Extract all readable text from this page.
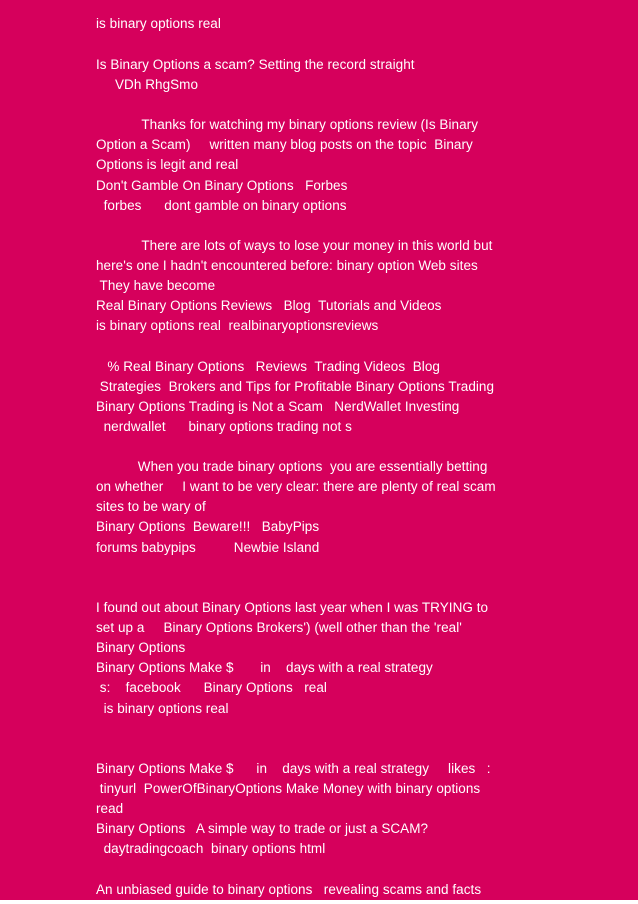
is binary options real
Is Binary Options a scam? Setting the record straight
VDh RhgSmo
Thanks for watching my binary options review (Is Binary
Option a Scam)     written many blog posts on the topic  Binary
Options is legit and real
Don't Gamble On Binary Options   Forbes
forbes      dont gamble on binary options
There are lots of ways to lose your money in this world but
here's one I hadn't encountered before: binary option Web sites
They have become
Real Binary Options Reviews   Blog  Tutorials and Videos
is binary options real  realbinaryoptionsreviews
% Real Binary Options   Reviews  Trading Videos  Blog
Strategies  Brokers and Tips for Profitable Binary Options Trading
Binary Options Trading is Not a Scam   NerdWallet Investing
nerdwallet      binary options trading not s
When you trade binary options  you are essentially betting
on whether     I want to be very clear: there are plenty of real scam
sites to be wary of
Binary Options  Beware!!!   BabyPips
forums babypips          Newbie Island
I found out about Binary Options last year when I was TRYING to
set up a     Binary Options Brokers') (well other than the 'real'
Binary Options
Binary Options Make $       in    days with a real strategy
s:    facebook      Binary Options   real
is binary options real
Binary Options Make $      in    days with a real strategy     likes   :
tinyurl  PowerOfBinaryOptions Make Money with binary options
read
Binary Options   A simple way to trade or just a SCAM?
daytradingcoach  binary options html
An unbiased guide to binary options   revealing scams and facts
